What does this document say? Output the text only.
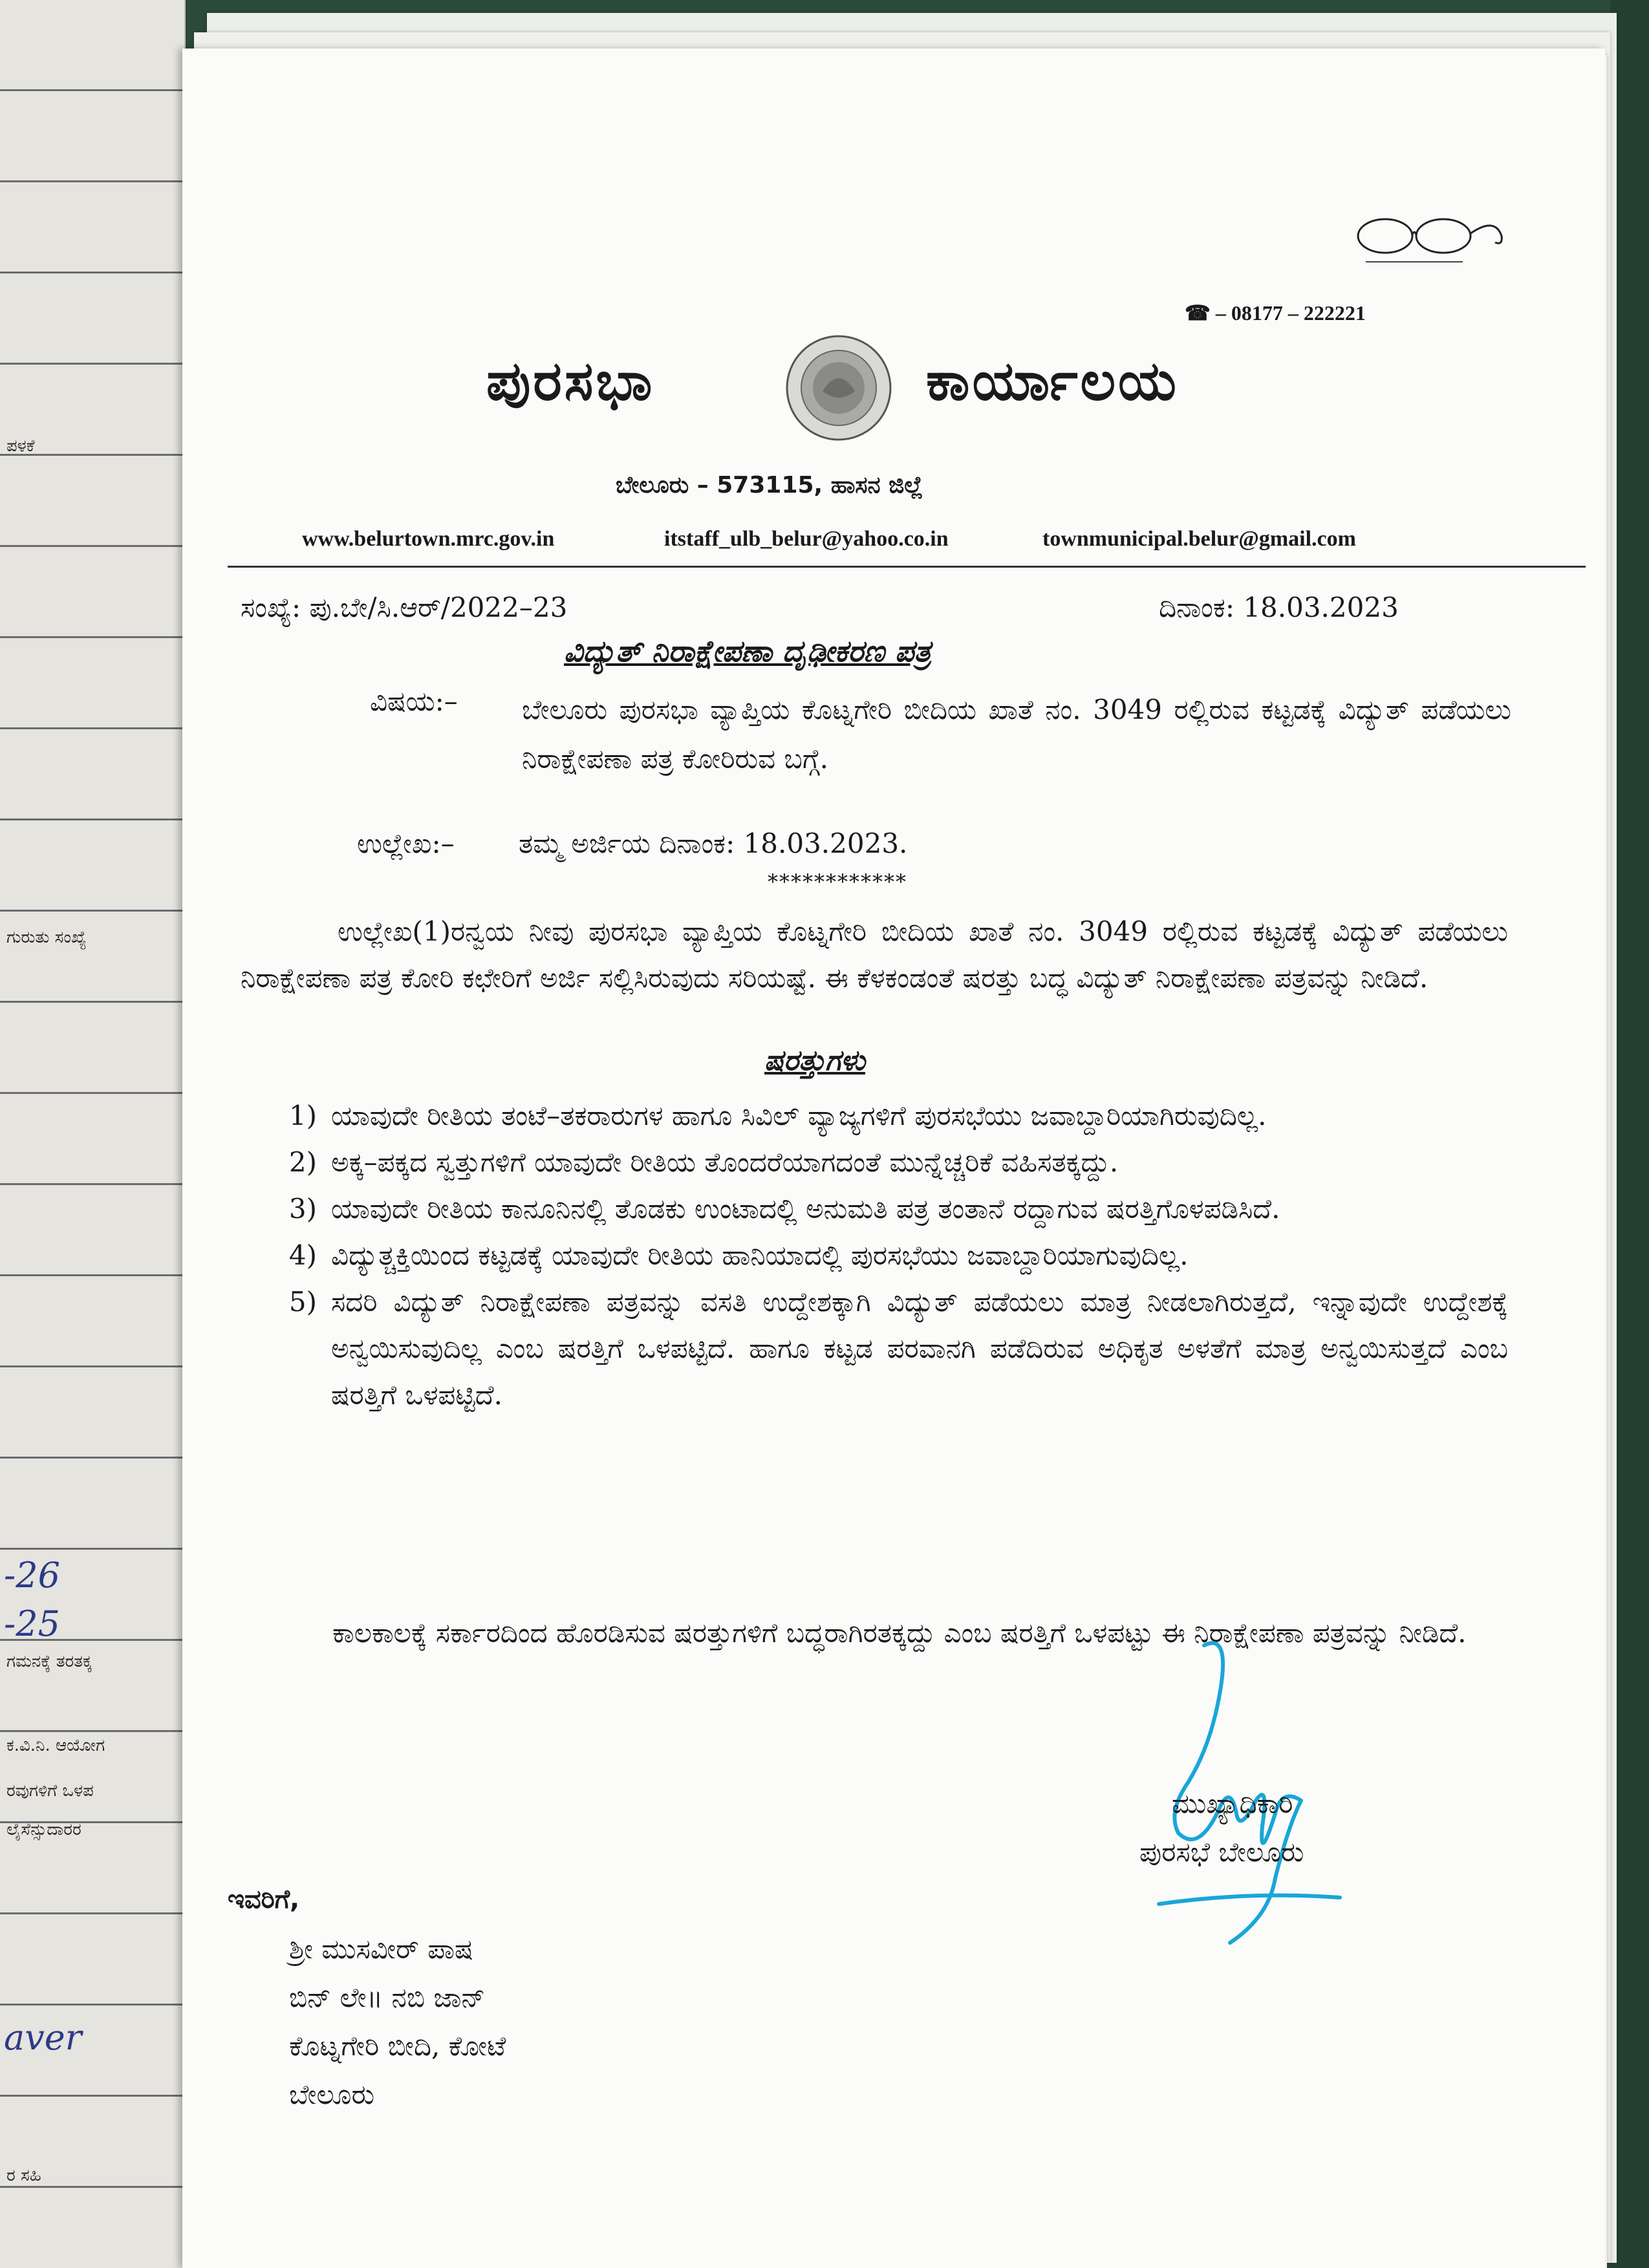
ಪಳಕೆ
ಗುರುತು ಸಂಖ್ಯೆ
ಗಮನಕ್ಕೆ ತರತಕ್ಕ
ಕ.ವಿ.ನಿ. ಆಯೋಗ
ರವುಗಳಿಗೆ ಒಳಪ
ಲೈಸೆನ್ಸುದಾರರ
ರ ಸಹಿ
-26
-25
aver
☎ – 08177 – 222221
ಪುರಸಭಾ	ಕಾರ್ಯಾಲಯ
ಬೇಲೂರು – 573115, ಹಾಸನ ಜಿಲ್ಲೆ
www.belurtown.mrc.gov.in	itstaff_ulb_belur@yahoo.co.in	townmunicipal.belur@gmail.com
ಸಂಖ್ಯೆ: ಪು.ಬೇ/ಸಿ.ಆರ್/2022–23	ದಿನಾಂಕ: 18.03.2023
ವಿದ್ಯುತ್ ನಿರಾಕ್ಷೇಪಣಾ ದೃಢೀಕರಣ ಪತ್ರ
ವಿಷಯ:– ಬೇಲೂರು ಪುರಸಭಾ ವ್ಯಾಪ್ತಿಯ ಕೊಟ್ನಗೇರಿ ಬೀದಿಯ ಖಾತೆ ನಂ. 3049 ರಲ್ಲಿರುವ ಕಟ್ಟಡಕ್ಕೆ ವಿದ್ಯುತ್ ಪಡೆಯಲು ನಿರಾಕ್ಷೇಪಣಾ ಪತ್ರ ಕೋರಿರುವ ಬಗ್ಗೆ.
ಉಲ್ಲೇಖ:– ತಮ್ಮ ಅರ್ಜಿಯ ದಿನಾಂಕ: 18.03.2023.
************
ಉಲ್ಲೇಖ(1)ರನ್ವಯ ನೀವು ಪುರಸಭಾ ವ್ಯಾಪ್ತಿಯ ಕೊಟ್ನಗೇರಿ ಬೀದಿಯ ಖಾತೆ ನಂ. 3049 ರಲ್ಲಿರುವ ಕಟ್ಟಡಕ್ಕೆ ವಿದ್ಯುತ್ ಪಡೆಯಲು ನಿರಾಕ್ಷೇಪಣಾ ಪತ್ರ ಕೋರಿ ಕಛೇರಿಗೆ ಅರ್ಜಿ ಸಲ್ಲಿಸಿರುವುದು ಸರಿಯಷ್ಟೆ. ಈ ಕೆಳಕಂಡಂತೆ ಷರತ್ತು ಬದ್ಧ ವಿದ್ಯುತ್ ನಿರಾಕ್ಷೇಪಣಾ ಪತ್ರವನ್ನು ನೀಡಿದೆ.
ಷರತ್ತುಗಳು
1) ಯಾವುದೇ ರೀತಿಯ ತಂಟೆ–ತಕರಾರುಗಳ ಹಾಗೂ ಸಿವಿಲ್ ವ್ಯಾಜ್ಯಗಳಿಗೆ ಪುರಸಭೆಯು ಜವಾಬ್ದಾರಿಯಾಗಿರುವುದಿಲ್ಲ.
2) ಅಕ್ಕ–ಪಕ್ಕದ ಸ್ವತ್ತುಗಳಿಗೆ ಯಾವುದೇ ರೀತಿಯ ತೊಂದರೆಯಾಗದಂತೆ ಮುನ್ನೆಚ್ಚರಿಕೆ ವಹಿಸತಕ್ಕದ್ದು.
3) ಯಾವುದೇ ರೀತಿಯ ಕಾನೂನಿನಲ್ಲಿ ತೊಡಕು ಉಂಟಾದಲ್ಲಿ ಅನುಮತಿ ಪತ್ರ ತಂತಾನೆ ರದ್ದಾಗುವ ಷರತ್ತಿಗೊಳಪಡಿಸಿದೆ.
4) ವಿದ್ಯುತ್ಚಕ್ತಿಯಿಂದ ಕಟ್ಟಡಕ್ಕೆ ಯಾವುದೇ ರೀತಿಯ ಹಾನಿಯಾದಲ್ಲಿ ಪುರಸಭೆಯು ಜವಾಬ್ದಾರಿಯಾಗುವುದಿಲ್ಲ.
5) ಸದರಿ ವಿದ್ಯುತ್ ನಿರಾಕ್ಷೇಪಣಾ ಪತ್ರವನ್ನು ವಸತಿ ಉದ್ದೇಶಕ್ಕಾಗಿ ವಿದ್ಯುತ್ ಪಡೆಯಲು ಮಾತ್ರ ನೀಡಲಾಗಿರುತ್ತದೆ, ಇನ್ನಾವುದೇ ಉದ್ದೇಶಕ್ಕೆ ಅನ್ವಯಿಸುವುದಿಲ್ಲ ಎಂಬ ಷರತ್ತಿಗೆ ಒಳಪಟ್ಟಿದೆ. ಹಾಗೂ ಕಟ್ಟಡ ಪರವಾನಗಿ ಪಡೆದಿರುವ ಅಧಿಕೃತ ಅಳತೆಗೆ ಮಾತ್ರ ಅನ್ವಯಿಸುತ್ತದೆ ಎಂಬ ಷರತ್ತಿಗೆ ಒಳಪಟ್ಟಿದೆ.
ಕಾಲಕಾಲಕ್ಕೆ ಸರ್ಕಾರದಿಂದ ಹೊರಡಿಸುವ ಷರತ್ತುಗಳಿಗೆ ಬದ್ಧರಾಗಿರತಕ್ಕದ್ದು ಎಂಬ ಷರತ್ತಿಗೆ ಒಳಪಟ್ಟು ಈ ನಿರಾಕ್ಷೇಪಣಾ ಪತ್ರವನ್ನು ನೀಡಿದೆ.
ಮುಖ್ಯಾಧಿಕಾರಿ
ಪುರಸಭೆ ಬೇಲೂರು
ಇವರಿಗೆ,
ಶ್ರೀ ಮುಸವೀರ್ ಪಾಷ
ಬಿನ್ ಲೇ॥ ನಬಿ ಜಾನ್
ಕೊಟ್ನಗೇರಿ ಬೀದಿ, ಕೋಟೆ
ಬೇಲೂರು
